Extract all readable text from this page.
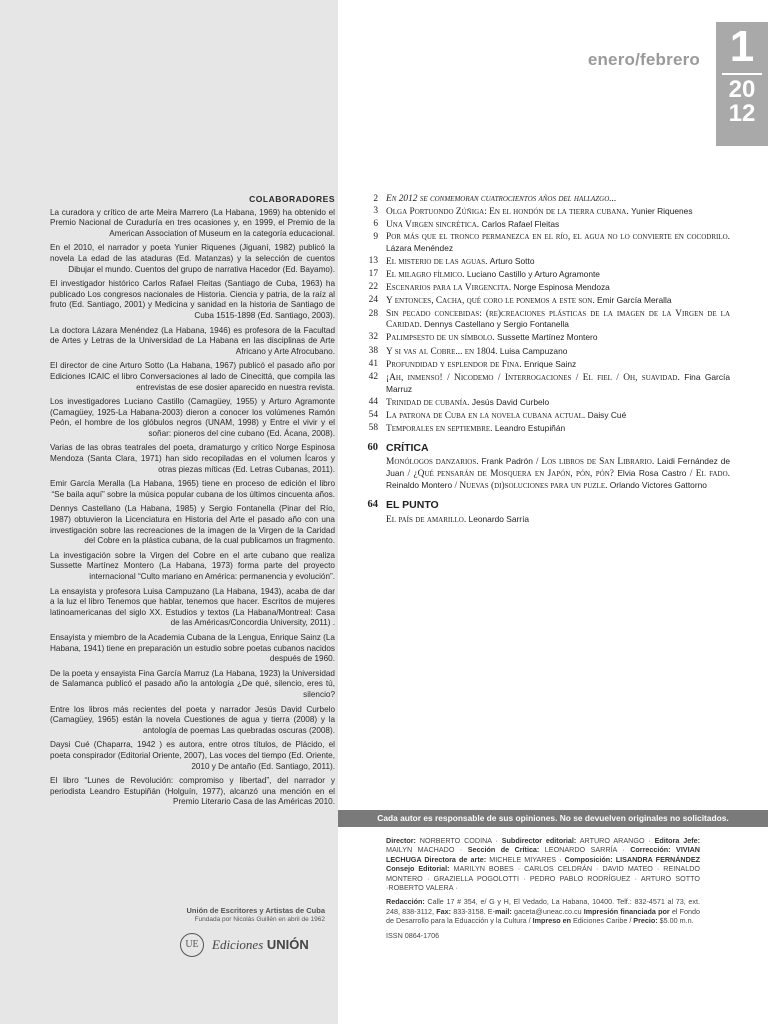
COLABORADORES

La curadora y crítico de arte Meira Marrero (La Habana, 1969) ha obtenido el Premio Nacional de Curaduría en tres ocasiones y, en 1999, el Premio de la American Association of Museum en la categoría educacional.

En el 2010, el narrador y poeta Yunier Riquenes (Jiguaní, 1982) publicó la novela La edad de las ataduras (Ed. Matanzas) y la selección de cuentos Dibujar el mundo. Cuentos del grupo de narrativa Hacedor (Ed. Bayamo).

El investigador histórico Carlos Rafael Fleitas (Santiago de Cuba, 1963) ha publicado Los congresos nacionales de Historia. Ciencia y patria, de la raíz al fruto (Ed. Santiago, 2001) y Medicina y sanidad en la historia de Santiago de Cuba 1515-1898 (Ed. Santiago, 2003).

La doctora Lázara Menéndez (La Habana, 1946) es profesora de la Facultad de Artes y Letras de la Universidad de La Habana en las disciplinas de Arte Africano y Arte Afrocubano.

El director de cine Arturo Sotto (La Habana, 1967) publicó el pasado año por Ediciones ICAIC el libro Conversaciones al lado de Cinecittá, que compila las entrevistas de ese dosier aparecido en nuestra revista.

Los investigadores Luciano Castillo (Camagüey, 1955) y Arturo Agramonte (Camagüey, 1925-La Habana-2003) dieron a conocer los volúmenes Ramón Peón, el hombre de los glóbulos negros (UNAM, 1998) y Entre el vivir y el soñar: pioneros del cine cubano (Ed. Ácana, 2008).

Varias de las obras teatrales del poeta, dramaturgo y crítico Norge Espinosa Mendoza (Santa Clara, 1971) han sido recopiladas en el volumen Ícaros y otras piezas míticas (Ed. Letras Cubanas, 2011).

Emir García Meralla (La Habana, 1965) tiene en proceso de edición el libro “Se baila aquí” sobre la música popular cubana de los últimos cincuenta años.

Dennys Castellano (La Habana, 1985) y Sergio Fontanella (Pinar del Río, 1987) obtuvieron la Licenciatura en Historia del Arte el pasado año con una investigación sobre las recreaciones de la imagen de la Virgen de la Caridad del Cobre en la plástica cubana, de la cual publicamos un fragmento.

La investigación sobre la Virgen del Cobre en el arte cubano que realiza Sussette Martínez Montero (La Habana, 1973) forma parte del proyecto internacional “Culto mariano en América: permanencia y evolución”.

La ensayista y profesora Luisa Campuzano (La Habana, 1943), acaba de dar a la luz el libro Tenemos que hablar, tenemos que hacer. Escritos de mujeres latinoamericanas del siglo XX. Estudios y textos (La Habana/Montreal: Casa de las Américas/Concordia University, 2011) .

Ensayista y miembro de la Academia Cubana de la Lengua, Enrique Sainz (La Habana, 1941) tiene en preparación un estudio sobre poetas cubanos nacidos después de 1960.

De la poeta y ensayista Fina García Marruz (La Habana, 1923) la Universidad de Salamanca publicó el pasado año la antología ¿De qué, silencio, eres tú, silencio?

Entre los libros más recientes del poeta y narrador Jesús David Curbelo (Camagüey, 1965) están la novela Cuestiones de agua y tierra (2008) y la antología de poemas Las quebradas oscuras (2008).

Daysi Cué (Chaparra, 1942 ) es autora, entre otros títulos, de Plácido, el poeta conspirador (Editorial Oriente, 2007), Las voces del tiempo (Ed. Oriente, 2010 y De antaño (Ed. Santiago, 2011).

El libro “Lunes de Revolución: compromiso y libertad”, del narrador y periodista Leandro Estupiñán (Holguín, 1977), alcanzó una mención en el Premio Literario Casa de las Américas 2010.

Unión de Escritores y Artistas de Cuba
Fundada por Nicolás Guillén en abril de 1962
UE	Ediciones UNIÓN
enero/febrero 1
20
12
2 En 2012 se conmemoran cuatrocientos años del hallazgo...
3 Olga Portuondo Zúñiga: En el hondón de la tierra cubana. Yunier Riquenes
6 Una Virgen sincrética. Carlos Rafael Fleitas
9 Por más que el tronco permanezca en el río, el agua no lo convierte en cocodrilo. Lázara Menéndez
13 El misterio de las aguas. Arturo Sotto
17 El milagro fílmico. Luciano Castillo y Arturo Agramonte
22 Escenarios para la Virgencita. Norge Espinosa Mendoza
24 Y entonces, Cacha, qué coro le ponemos a este son. Emir García Meralla
28 Sin pecado concebidas: (re)creaciones plásticas de la imagen de la Virgen de la Caridad. Dennys Castellano y Sergio Fontanella
32 Palimpsesto de un símbolo. Sussette Martínez Montero
38 Y si vas al Cobre... en 1804. Luisa Campuzano
41 Profundidad y esplendor de Fina. Enrique Sainz
42 ¡Ah, inmenso! / Nicodemo / Interrogaciones / El fiel / Oh, suavidad. Fina García Marruz
44 Trinidad de cubanía. Jesús David Curbelo
54 La patrona de Cuba en la novela cubana actual. Daisy Cué
58 Temporales en septiembre. Leandro Estupiñán
60 CRÍTICA
Monólogos danzarios. Frank Padrón / Los libros de San Librario. Laidi Fernández de Juan / ¿Qué pensarán de Mosquera en Japón, pón, pón? Elvia Rosa Castro / El fado. Reinaldo Montero / Nuevas (di)soluciones para un puzle. Orlando Victores Gattorno
64 EL PUNTO
El país de amarillo. Leonardo Sarría
Cada autor es responsable de sus opiniones. No se devuelven originales no solicitados.

Director: NORBERTO CODINA · Subdirector editorial: ARTURO ARANGO · Editora Jefe: MAILYN MACHADO · Sección de Crítica: LEONARDO SARRÍA · Corrección: VIVIAN LECHUGA Directora de arte: MICHELE MIYARES · Composición: LISANDRA FERNÁNDEZ Consejo Editorial: MARILYN BOBES · CARLOS CELDRÁN · DAVID MATEO · REINALDO MONTERO · GRAZIELLA POGOLOTTI · PEDRO PABLO RODRÍGUEZ · ARTURO SOTTO ·ROBERTO VALERA ·

Redacción: Calle 17 # 354, e/ G y H, El Vedado, La Habana, 10400. Telf.: 832-4571 al 73, ext. 248, 838-3112, Fax: 833-3158. E-mail: gaceta@uneac.co.cu Impresión financiada por el Fondo de Desarrollo para la Eduacción y la Cultura / Impreso en Ediciones Caribe / Precio: $5.00 m.n.

ISSN 0864-1706
